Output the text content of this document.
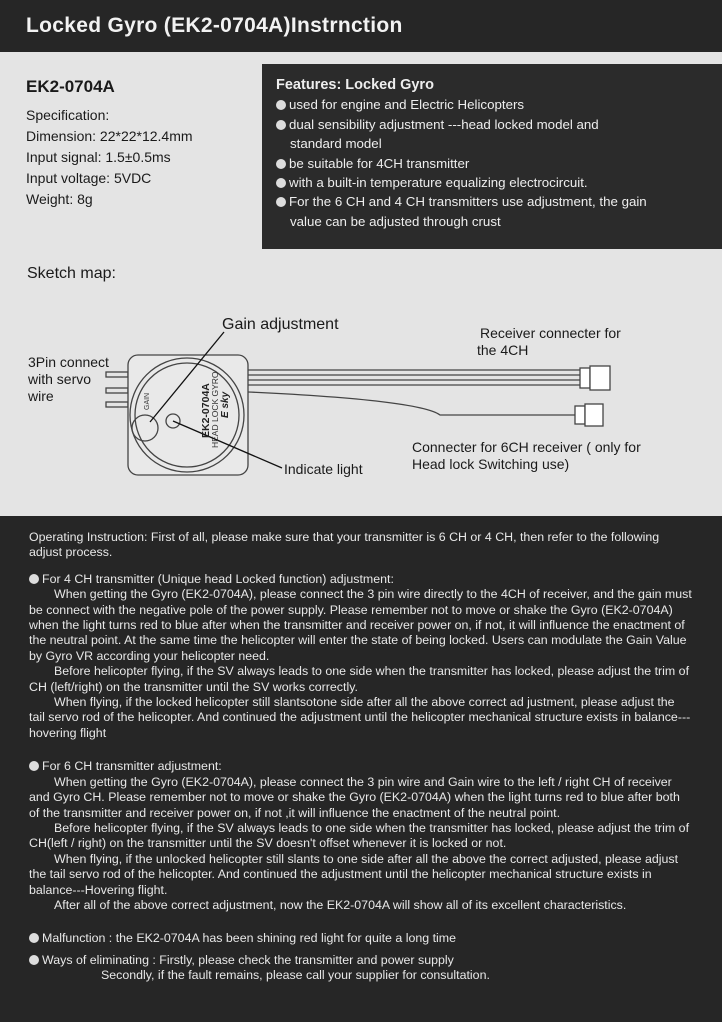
Locked Gyro (EK2-0704A)Instrnction
EK2-0704A
Specification:
Dimension: 22*22*12.4mm
Input signal: 1.5±0.5ms
Input voltage: 5VDC
Weight: 8g
Features: Locked Gyro
used for engine and Electric Helicopters
dual sensibility adjustment ---head locked model and
standard model
be suitable for 4CH transmitter
with a built-in temperature equalizing electrocircuit.
For the 6 CH and 4 CH transmitters use adjustment, the gain
value can be adjusted through crust
Sketch map:
EK2-0704A
HEAD LOCK GYRO E sky
GAIN
Gain adjustment
3Pin connect
with servo
wire
Receiver connecter for
the 4CH
Connecter for 6CH receiver ( only for
Head lock Switching use)
Indicate light

Operating Instruction: First of all, please make sure that your transmitter is 6 CH or 4 CH, then refer to the following adjust process.

For 4 CH transmitter (Unique head Locked function) adjustment:

When getting the Gyro (EK2-0704A), please connect the 3 pin wire directly to the 4CH of receiver, and the gain must be connect with the negative pole of the power supply. Please remember not to move or shake the Gyro (EK2-0704A) when the light turns red to blue after when the transmitter and receiver power on, if not, it will influence the enactment of the neutral point. At the same time the helicopter will enter the state of being locked. Users can modulate the Gain Value by Gyro VR according your helicopter need.

Before helicopter flying, if the SV always leads to one side when the transmitter has locked, please adjust the trim of CH (left/right) on the transmitter until the SV works correctly.

When flying, if the locked helicopter still slantsotone side after all the above correct ad justment, please adjust the tail servo rod of the helicopter. And continued the adjustment until the helicopter mechanical structure exists in balance---hovering flight

For 6 CH transmitter adjustment:

When getting the Gyro (EK2-0704A), please connect the 3 pin wire and Gain wire to the left / right CH of receiver and Gyro CH. Please remember not to move or shake the Gyro (EK2-0704A) when the light turns red to blue after both of the transmitter and receiver power on, if not ,it will influence the enactment of the neutral point.

Before helicopter flying, if the SV always leads to one side when the transmitter has locked, please adjust the trim of CH(left / right) on the transmitter until the SV doesn't offset whenever it is locked or not.

When flying, if the unlocked helicopter still slants to one side after all the above the correct adjusted, please adjust the tail servo rod of the helicopter. And continued the adjustment until the helicopter mechanical structure exists in balance---Hovering flight.

After all of the above correct adjustment, now the EK2-0704A will show all of its excellent characteristics.

Malfunction : the EK2-0704A has been shining red light for quite a long time

Ways of eliminating : Firstly, please check the transmitter and power supply

Secondly, if the fault remains, please call your supplier for consultation.
